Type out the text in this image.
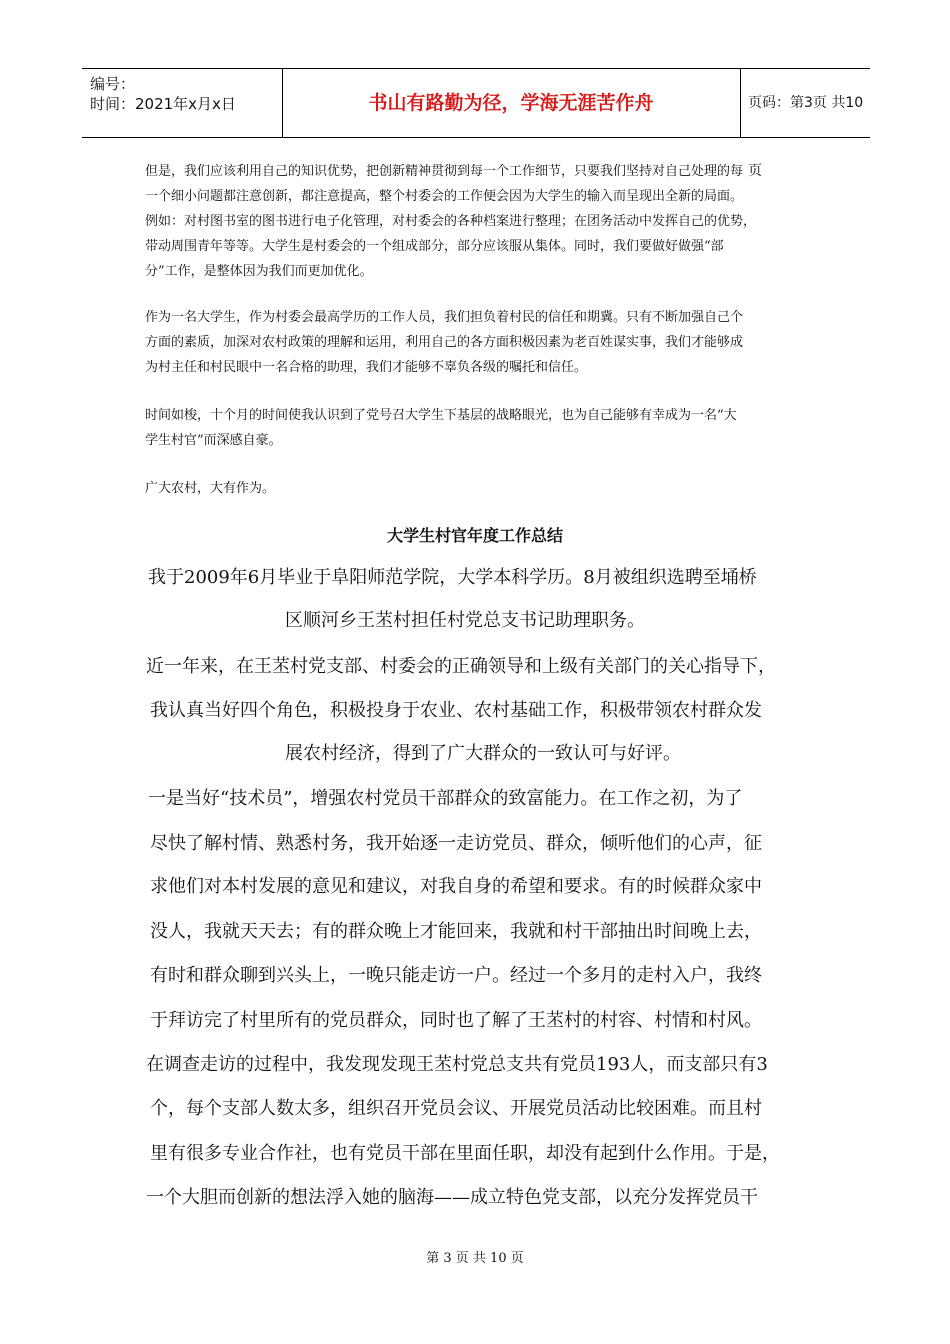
编号：
时间：2021年x月x日	书山有路勤为径，学海无涯苦作舟	页码：第3页 共10页

但是，我们应该利用自己的知识优势，把创新精神贯彻到每一个工作细节，只要我们坚持对自己处理的每
一个细小问题都注意创新，都注意提高，整个村委会的工作便会因为大学生的输入而呈现出全新的局面。
例如：对村图书室的图书进行电子化管理，对村委会的各种档案进行整理；在团务活动中发挥自己的优势，
带动周围青年等等。大学生是村委会的一个组成部分，部分应该服从集体。同时，我们要做好做强“部
分”工作，是整体因为我们而更加优化。

作为一名大学生，作为村委会最高学历的工作人员，我们担负着村民的信任和期冀。只有不断加强自己个
方面的素质，加深对农村政策的理解和运用，利用自己的各方面积极因素为老百姓谋实事，我们才能够成
为村主任和村民眼中一名合格的助理，我们才能够不辜负各级的嘱托和信任。

时间如梭，十个月的时间使我认识到了党号召大学生下基层的战略眼光，也为自己能够有幸成为一名“大
学生村官”而深感自豪。

广大农村，大有作为。

大学生村官年度工作总结
我于2009年6月毕业于阜阳师范学院，大学本科学历。8月被组织选聘至埇桥
区顺河乡王苤村担任村党总支书记助理职务。
近一年来，在王苤村党支部、村委会的正确领导和上级有关部门的关心指导下，
我认真当好四个角色，积极投身于农业、农村基础工作，积极带领农村群众发
展农村经济，得到了广大群众的一致认可与好评。
一是当好“技术员”，增强农村党员干部群众的致富能力。在工作之初，为了
尽快了解村情、熟悉村务，我开始逐一走访党员、群众，倾听他们的心声，征
求他们对本村发展的意见和建议，对我自身的希望和要求。有的时候群众家中
没人，我就天天去；有的群众晚上才能回来，我就和村干部抽出时间晚上去，
有时和群众聊到兴头上，一晚只能走访一户。经过一个多月的走村入户，我终
于拜访完了村里所有的党员群众，同时也了解了王苤村的村容、村情和村风。
在调查走访的过程中，我发现发现王苤村党总支共有党员193人，而支部只有3
个，每个支部人数太多，组织召开党员会议、开展党员活动比较困难。而且村
里有很多专业合作社，也有党员干部在里面任职，却没有起到什么作用。于是，
一个大胆而创新的想法浮入她的脑海——成立特色党支部，以充分发挥党员干
第 3 页 共 10 页
